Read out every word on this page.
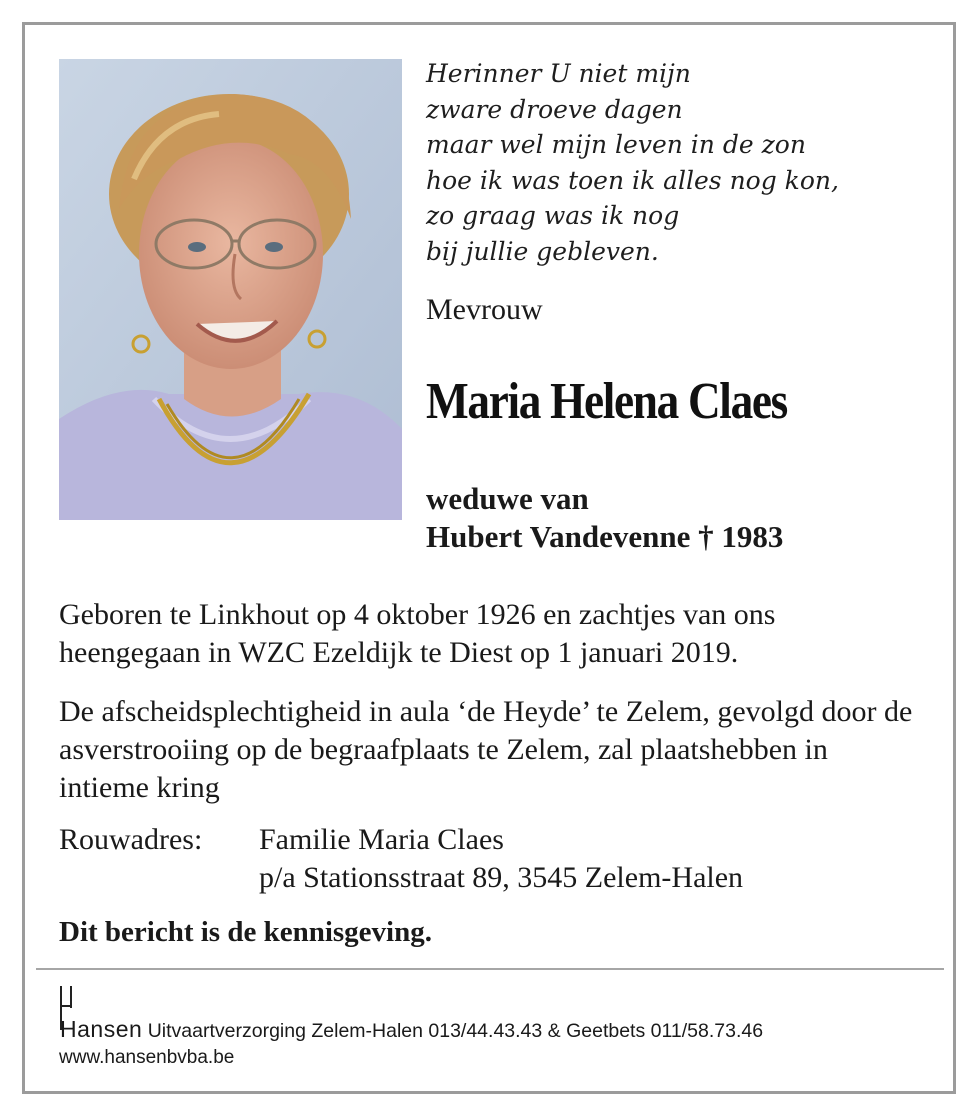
Herinner U niet mijn
zware droeve dagen
maar wel mijn leven in de zon
hoe ik was toen ik alles nog kon,
zo graag was ik nog
bij jullie gebleven.
Mevrouw
Maria Helena Claes
weduwe van
Hubert Vandevenne † 1983
Geboren te Linkhout op 4 oktober 1926 en zachtjes van ons heengegaan in WZC Ezeldijk te Diest op 1 januari 2019.
De afscheidsplechtigheid in aula ‘de Heyde’ te Zelem, gevolgd door de asverstrooiing op de begraafplaats te Zelem, zal plaatshebben in intieme kring
Rouwadres: Familie Maria Claes
p/a Stationsstraat 89, 3545 Zelem-Halen
Dit bericht is de kennisgeving.
Hansen Uitvaartverzorging Zelem-Halen 013/44.43.43 & Geetbets 011/58.73.46
www.hansenbvba.be
